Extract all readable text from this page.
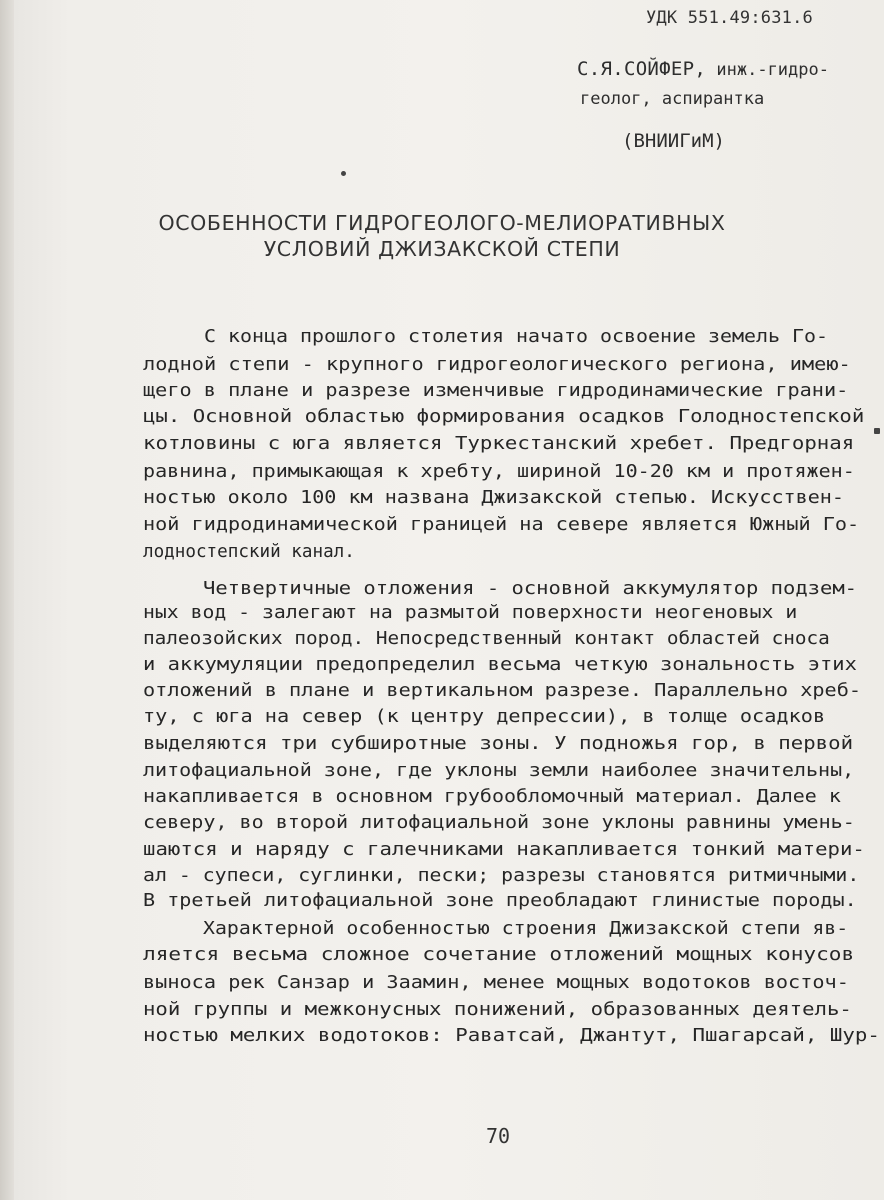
УДК 551.49:631.6
С.Я.СОЙФЕР, инж.-гидро-
геолог, аспирантка
(ВНИИГиМ)
ОСОБЕННОСТИ ГИДРОГЕОЛОГО-МЕЛИОРАТИВНЫХ
УСЛОВИЙ ДЖИЗАКСКОЙ СТЕПИ
С конца прошлого столетия начато освоение земель Го-
лодной степи - крупного гидрогеологического региона, имею-
щего в плане и разрезе изменчивые гидродинамические грани-
цы. Основной областью формирования осадков Голодностепской
котловины с юга является Туркестанский хребет. Предгорная
равнина, примыкающая к хребту, шириной 10-20 км и протяжен-
ностью около 100 км названа Джизакской степью. Искусствен-
ной гидродинамической границей на севере является Южный Го-
лодностепский канал.
Четвертичные отложения - основной аккумулятор подзем-
ных вод - залегают на размытой поверхности неогеновых и
палеозойских пород. Непосредственный контакт областей сноса
и аккумуляции предопределил весьма четкую зональность этих
отложений в плане и вертикальном разрезе. Параллельно хреб-
ту, с юга на север (к центру депрессии), в толще осадков
выделяются три субширотные зоны. У подножья гор, в первой
литофациальной зоне, где уклоны земли наиболее значительны,
накапливается в основном грубообломочный материал. Далее к
северу, во второй литофациальной зоне уклоны равнины умень-
шаются и наряду с галечниками накапливается тонкий матери-
ал - супеси, суглинки, пески; разрезы становятся ритмичными.
В третьей литофациальной зоне преобладают глинистые породы.
Характерной особенностью строения Джизакской степи яв-
ляется весьма сложное сочетание отложений мощных конусов
выноса рек Санзар и Заамин, менее мощных водотоков восточ-
ной группы и межконусных понижений, образованных деятель-
ностью мелких водотоков: Раватсай, Джантут, Пшагарсай, Шур-
70
